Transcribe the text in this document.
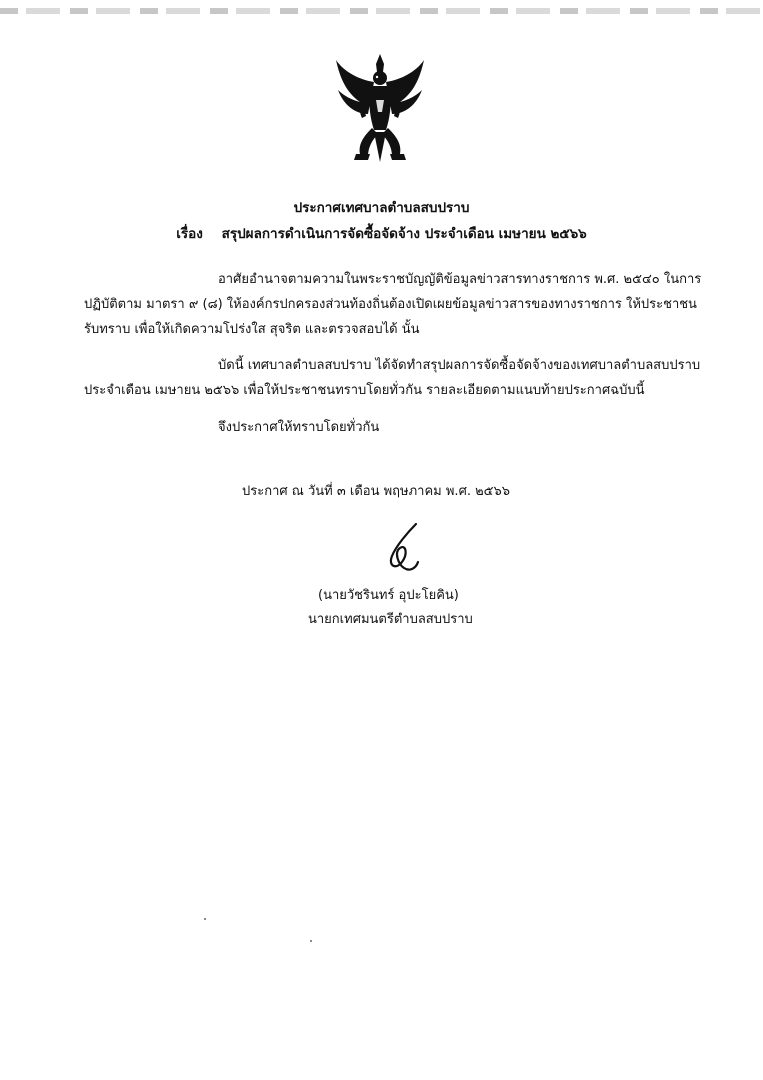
ประกาศเทศบาลตำบลสบปราบ
เรื่อง สรุปผลการดำเนินการจัดซื้อจัดจ้าง ประจำเดือน เมษายน ๒๕๖๖
อาศัยอำนาจตามความในพระราชบัญญัติข้อมูลข่าวสารทางราชการ พ.ศ. ๒๕๔๐ ในการ
ปฏิบัติตาม มาตรา ๙ (๘) ให้องค์กรปกครองส่วนท้องถิ่นต้องเปิดเผยข้อมูลข่าวสารของทางราชการ ให้ประชาชน
รับทราบ เพื่อให้เกิดความโปร่งใส สุจริต และตรวจสอบได้ นั้น
บัดนี้ เทศบาลตำบลสบปราบ ได้จัดทำสรุปผลการจัดซื้อจัดจ้างของเทศบาลตำบลสบปราบ
ประจำเดือน เมษายน ๒๕๖๖ เพื่อให้ประชาชนทราบโดยทั่วกัน รายละเอียดตามแนบท้ายประกาศฉบับนี้
จึงประกาศให้ทราบโดยทั่วกัน
ประกาศ ณ วันที่ ๓ เดือน พฤษภาคม พ.ศ. ๒๕๖๖
(นายวัชรินทร์ อุปะโยคิน)
นายกเทศมนตรีตำบลสบปราบ
